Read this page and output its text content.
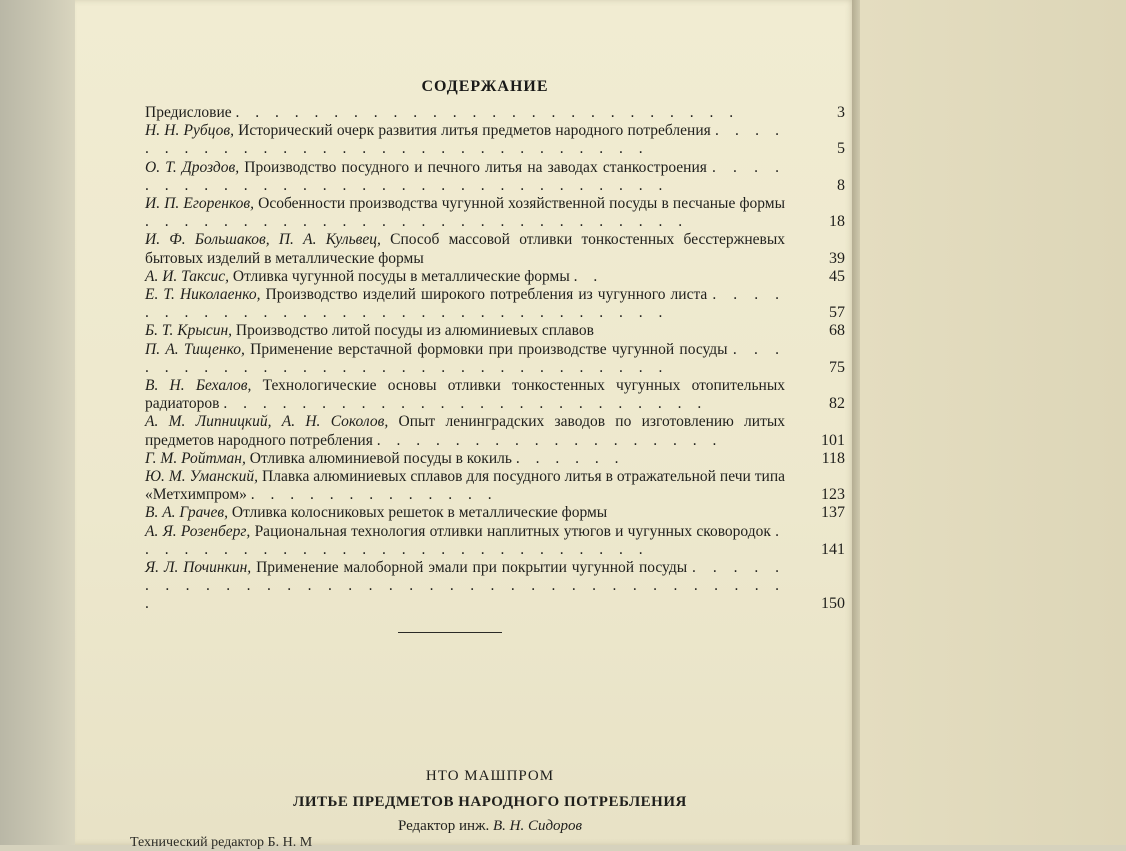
СОДЕРЖАНИЕ
Предисловие . . . . . . . . . . . . . . . . . . . . . . . . . .	3
Н. Н. Рубцов, Исторический очерк развития литья предметов народного потребления . . . . . . . . . . . . . . . . . . . . . . . . . . . . . .	5
О. Т. Дроздов, Производство посудного и печного литья на заводах станкостроения . . . . . . . . . . . . . . . . . . . . . . . . . . . . . . .	8
И. П. Егоренков, Особенности производства чугунной хозяйственной посуды в песчаные формы . . . . . . . . . . . . . . . . . . . . . . . . . . . .	18
И. Ф. Большаков, П. А. Кульвец, Способ массовой отливки тонкостенных бесстержневых бытовых изделий в металлические формы	39
А. И. Таксис, Отливка чугунной посуды в металлические формы . .	45
Е. Т. Николаенко, Производство изделий широкого потребления из чугунного листа . . . . . . . . . . . . . . . . . . . . . . . . . . . . . . .	57
Б. Т. Крысин, Производство литой посуды из алюминиевых сплавов	68
П. А. Тищенко, Применение верстачной формовки при производстве чугунной посуды . . . . . . . . . . . . . . . . . . . . . . . . . . . . . .	75
В. Н. Бехалов, Технологические основы отливки тонкостенных чугунных отопительных радиаторов . . . . . . . . . . . . . . . . . . . . . . . . .	82
А. М. Липницкий, А. Н. Соколов, Опыт ленинградских заводов по изготовлению литых предметов народного потребления . . . . . . . . . . . . . . . . . .	101
Г. М. Ройтман, Отливка алюминиевой посуды в кокиль . . . . . .	118
Ю. М. Уманский, Плавка алюминиевых сплавов для посудного литья в отражательной печи типа «Метхимпром» . . . . . . . . . . . . .	123
В. А. Грачев, Отливка колосниковых решеток в металлические формы	137
А. Я. Розенберг, Рациональная технология отливки наплитных утюгов и чугунных сковородок . . . . . . . . . . . . . . . . . . . . . . . . . . .	141
Я. Л. Починкин, Применение малоборной эмали при покрытии чугунной посуды . . . . . . . . . . . . . . . . . . . . . . . . . . . . . . . . . . . . . .	150
НТО МАШПРОМ
ЛИТЬЕ ПРЕДМЕТОВ НАРОДНОГО ПОТРЕБЛЕНИЯ
Редактор инж. В. Н. Сидоров
Технический редактор Б. Н. М
